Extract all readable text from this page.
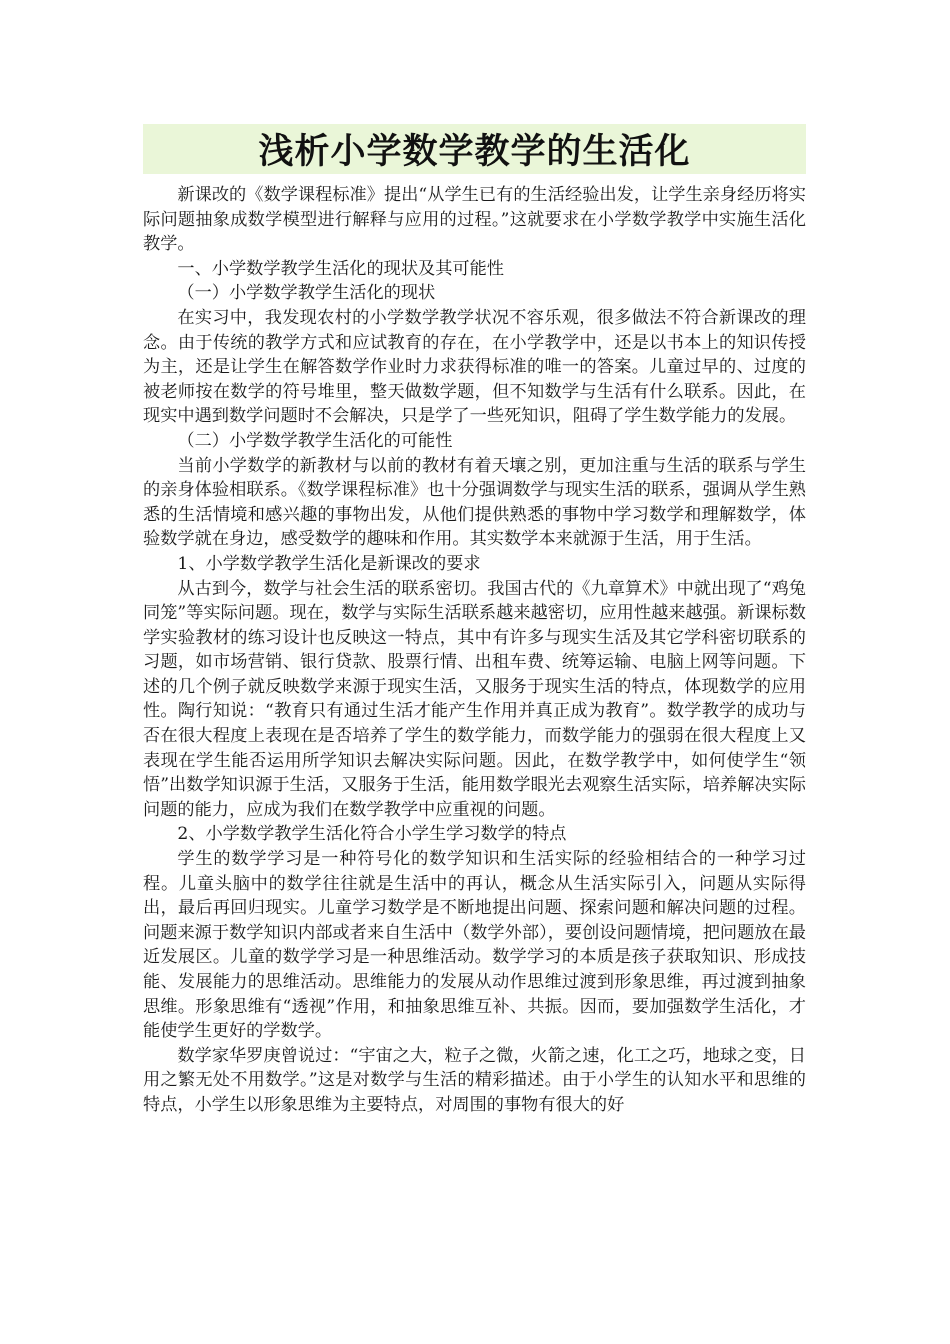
浅析小学数学教学的生活化

新课改的《数学课程标准》提出“从学生已有的生活经验出发，让学生亲身经历将实际问题抽象成数学模型进行解释与应用的过程。”这就要求在小学数学教学中实施生活化教学。

一、小学数学教学生活化的现状及其可能性

（一）小学数学教学生活化的现状

在实习中，我发现农村的小学数学教学状况不容乐观，很多做法不符合新课改的理念。由于传统的教学方式和应试教育的存在，在小学教学中，还是以书本上的知识传授为主，还是让学生在解答数学作业时力求获得标准的唯一的答案。儿童过早的、过度的被老师按在数学的符号堆里，整天做数学题，但不知数学与生活有什么联系。因此，在现实中遇到数学问题时不会解决，只是学了一些死知识，阻碍了学生数学能力的发展。

（二）小学数学教学生活化的可能性

当前小学数学的新教材与以前的教材有着天壤之别，更加注重与生活的联系与学生的亲身体验相联系。《数学课程标准》也十分强调数学与现实生活的联系，强调从学生熟悉的生活情境和感兴趣的事物出发，从他们提供熟悉的事物中学习数学和理解数学，体验数学就在身边，感受数学的趣味和作用。其实数学本来就源于生活，用于生活。

1、小学数学教学生活化是新课改的要求

从古到今，数学与社会生活的联系密切。我国古代的《九章算术》中就出现了“鸡兔同笼”等实际问题。现在，数学与实际生活联系越来越密切，应用性越来越强。新课标数学实验教材的练习设计也反映这一特点，其中有许多与现实生活及其它学科密切联系的习题，如市场营销、银行贷款、股票行情、出租车费、统筹运输、电脑上网等问题。下述的几个例子就反映数学来源于现实生活，又服务于现实生活的特点，体现数学的应用性。陶行知说：“教育只有通过生活才能产生作用并真正成为教育”。数学教学的成功与否在很大程度上表现在是否培养了学生的数学能力，而数学能力的强弱在很大程度上又表现在学生能否运用所学知识去解决实际问题。因此，在数学教学中，如何使学生“领悟”出数学知识源于生活，又服务于生活，能用数学眼光去观察生活实际，培养解决实际问题的能力，应成为我们在数学教学中应重视的问题。

2、小学数学教学生活化符合小学生学习数学的特点

学生的数学学习是一种符号化的数学知识和生活实际的经验相结合的一种学习过程。儿童头脑中的数学往往就是生活中的再认，概念从生活实际引入，问题从实际得出，最后再回归现实。儿童学习数学是不断地提出问题、探索问题和解决问题的过程。问题来源于数学知识内部或者来自生活中（数学外部），要创设问题情境，把问题放在最近发展区。儿童的数学学习是一种思维活动。数学学习的本质是孩子获取知识、形成技能、发展能力的思维活动。思维能力的发展从动作思维过渡到形象思维，再过渡到抽象思维。形象思维有“透视”作用，和抽象思维互补、共振。因而，要加强数学生活化，才能使学生更好的学数学。

数学家华罗庚曾说过：“宇宙之大，粒子之微，火箭之速，化工之巧，地球之变，日用之繁无处不用数学。”这是对数学与生活的精彩描述。由于小学生的认知水平和思维的特点，小学生以形象思维为主要特点，对周围的事物有很大的好
